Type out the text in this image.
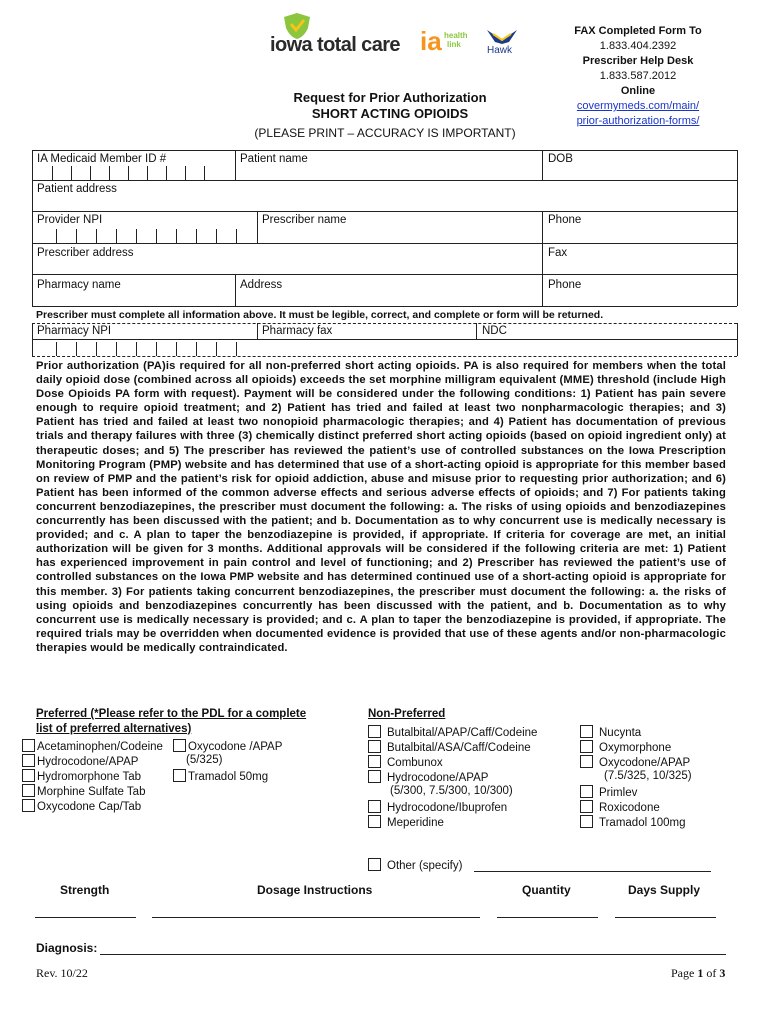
iowa total care ia health
link
Hawk
FAX Completed Form To
1.833.404.2392
Prescriber Help Desk
1.833.587.2012
Online
covermymeds.com/main/
prior-authorization-forms/
Request for Prior Authorization
SHORT ACTING OPIOIDS
(PLEASE PRINT – ACCURACY IS IMPORTANT)
IA Medicaid Member ID #	Patient name	DOB
Patient address
Provider NPI	Prescriber name	Phone
Prescriber address	Fax
Pharmacy name	Address	Phone
Prescriber must complete all information above. It must be legible, correct, and complete or form will be returned.
Pharmacy NPI	Pharmacy fax	NDC
Prior authorization (PA)is required for all non-preferred short acting opioids. PA is also required for members when the total daily opioid dose (combined across all opioids) exceeds the set morphine milligram equivalent (MME) threshold (include High Dose Opioids PA form with request). Payment will be considered under the following conditions: 1) Patient has pain severe enough to require opioid treatment; and 2) Patient has tried and failed at least two nonpharmacologic therapies; and 3) Patient has tried and failed at least two nonopioid pharmacologic therapies; and 4) Patient has documentation of previous trials and therapy failures with three (3) chemically distinct preferred short acting opioids (based on opioid ingredient only) at therapeutic doses; and 5) The prescriber has reviewed the patient’s use of controlled substances on the Iowa Prescription Monitoring Program (PMP) website and has determined that use of a short-acting opioid is appropriate for this member based on review of PMP and the patient’s risk for opioid addiction, abuse and misuse prior to requesting prior authorization; and 6) Patient has been informed of the common adverse effects and serious adverse effects of opioids; and 7) For patients taking concurrent benzodiazepines, the prescriber must document the following: a. The risks of using opioids and benzodiazepines concurrently has been discussed with the patient; and b. Documentation as to why concurrent use is medically necessary is provided; and c. A plan to taper the benzodiazepine is provided, if appropriate. If criteria for coverage are met, an initial authorization will be given for 3 months. Additional approvals will be considered if the following criteria are met: 1) Patient has experienced improvement in pain control and level of functioning; and 2) Prescriber has reviewed the patient’s use of controlled substances on the Iowa PMP website and has determined continued use of a short-acting opioid is appropriate for this member. 3) For patients taking concurrent benzodiazepines, the prescriber must document the following: a. the risks of using opioids and benzodiazepines concurrently has been discussed with the patient, and b. Documentation as to why concurrent use is medically necessary is provided; and c. A plan to taper the benzodiazepine is provided, if appropriate. The required trials may be overridden when documented evidence is provided that use of these agents and/or non-pharmacologic therapies would be medically contraindicated.
Preferred (*Please refer to the PDL for a complete
list of preferred alternatives)
Acetaminophen/Codeine
Hydrocodone/APAP
Hydromorphone Tab
Morphine Sulfate Tab
Oxycodone Cap/Tab
Oxycodone /APAP
(5/325)
Tramadol 50mg
Non-Preferred
Butalbital/APAP/Caff/Codeine
Butalbital/ASA/Caff/Codeine
Combunox
Hydrocodone/APAP
(5/300, 7.5/300, 10/300)
Hydrocodone/Ibuprofen
Meperidine
Nucynta
Oxymorphone
Oxycodone/APAP
(7.5/325, 10/325)
Primlev
Roxicodone
Tramadol 100mg
Other (specify)
Strength	Dosage Instructions	Quantity	Days Supply
Diagnosis:
Rev. 10/22	Page 1 of 3
